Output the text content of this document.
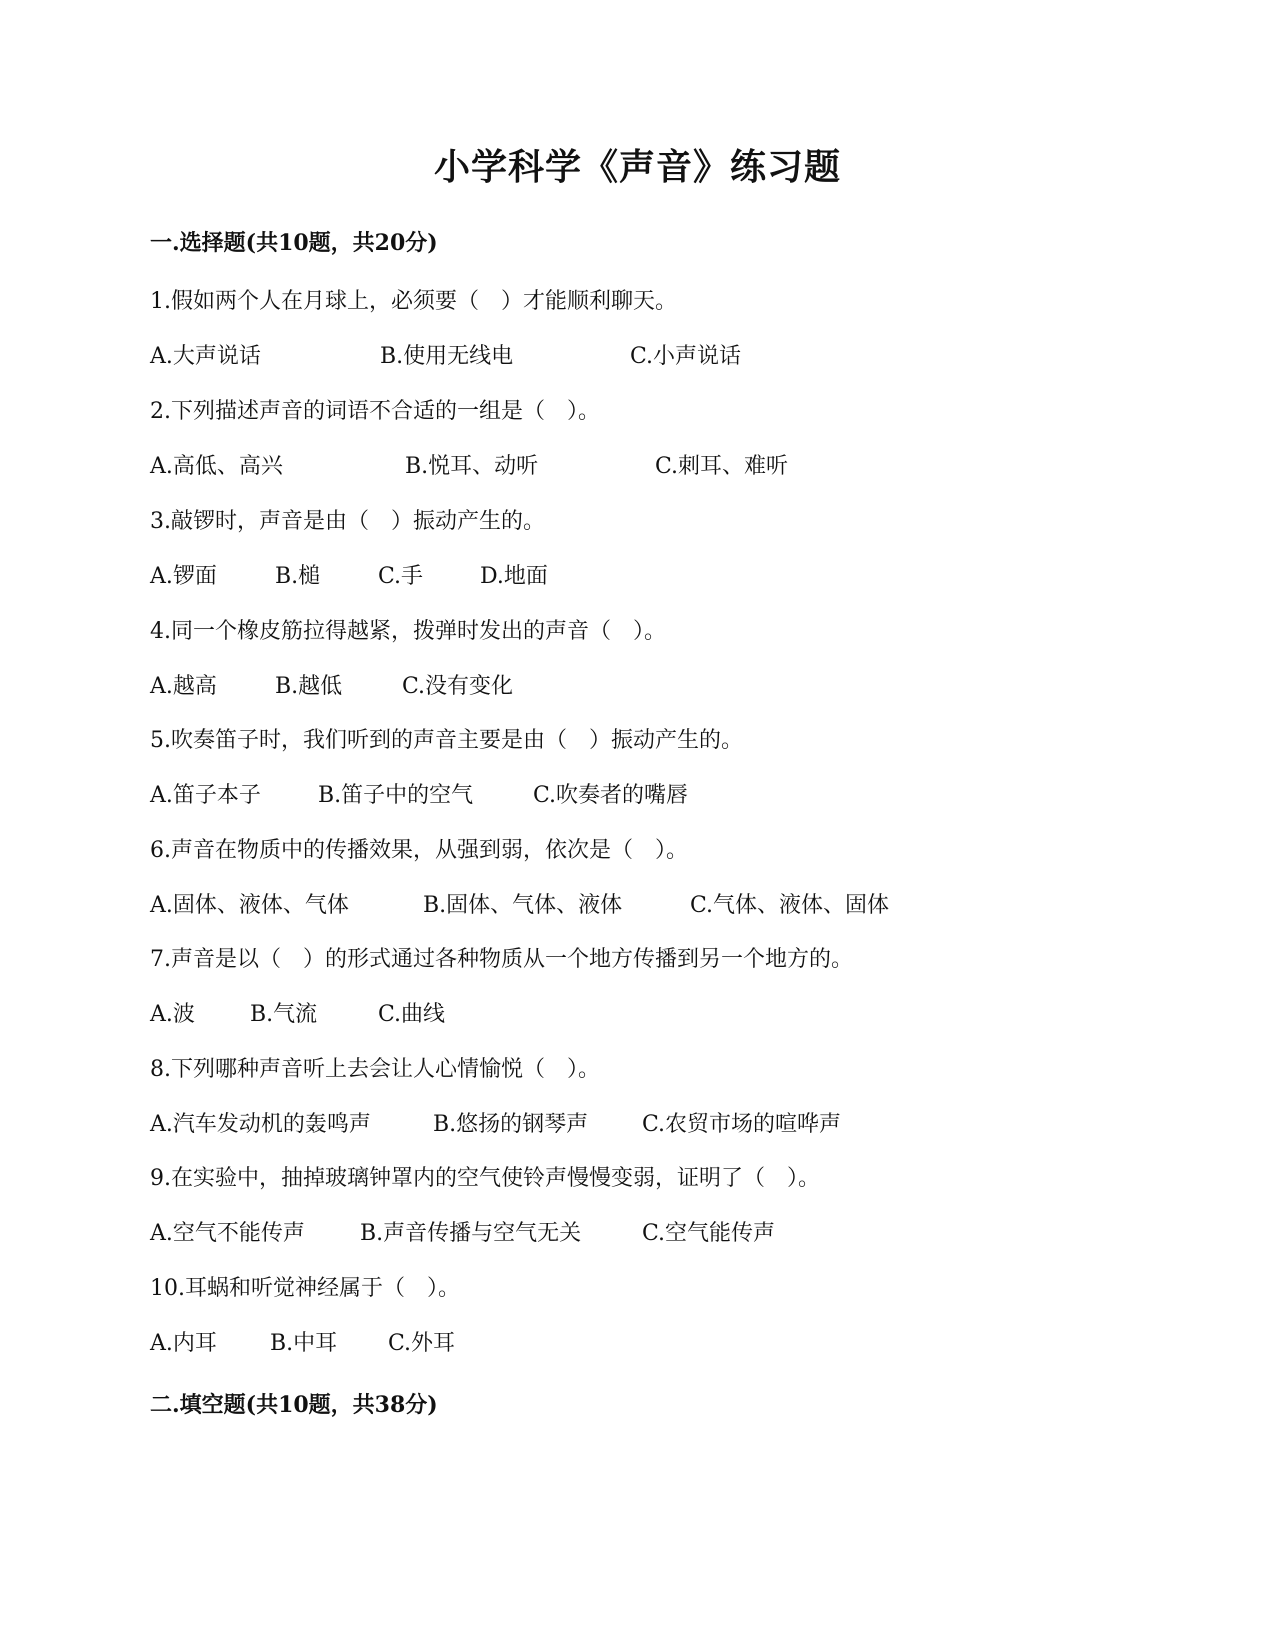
小学科学《声音》练习题
一.选择题(共10题，共20分)
1.假如两个人在月球上，必须要（　）才能顺利聊天。
A.大声说话	B.使用无线电	C.小声说话
2.下列描述声音的词语不合适的一组是（　）。
A.高低、高兴	B.悦耳、动听	C.刺耳、难听
3.敲锣时，声音是由（　）振动产生的。
A.锣面	B.槌	C.手	D.地面
4.同一个橡皮筋拉得越紧，拨弹时发出的声音（　）。
A.越高	B.越低	C.没有变化
5.吹奏笛子时，我们听到的声音主要是由（　）振动产生的。
A.笛子本子	B.笛子中的空气	C.吹奏者的嘴唇
6.声音在物质中的传播效果，从强到弱，依次是（　）。
A.固体、液体、气体	B.固体、气体、液体	C.气体、液体、固体
7.声音是以（　）的形式通过各种物质从一个地方传播到另一个地方的。
A.波	B.气流	C.曲线
8.下列哪种声音听上去会让人心情愉悦（　）。
A.汽车发动机的轰鸣声	B.悠扬的钢琴声 C.农贸市场的喧哗声
9.在实验中，抽掉玻璃钟罩内的空气使铃声慢慢变弱，证明了（　）。
A.空气不能传声	B.声音传播与空气无关	C.空气能传声
10.耳蜗和听觉神经属于（　）。
A.内耳 B.中耳 C.外耳
二.填空题(共10题，共38分)
